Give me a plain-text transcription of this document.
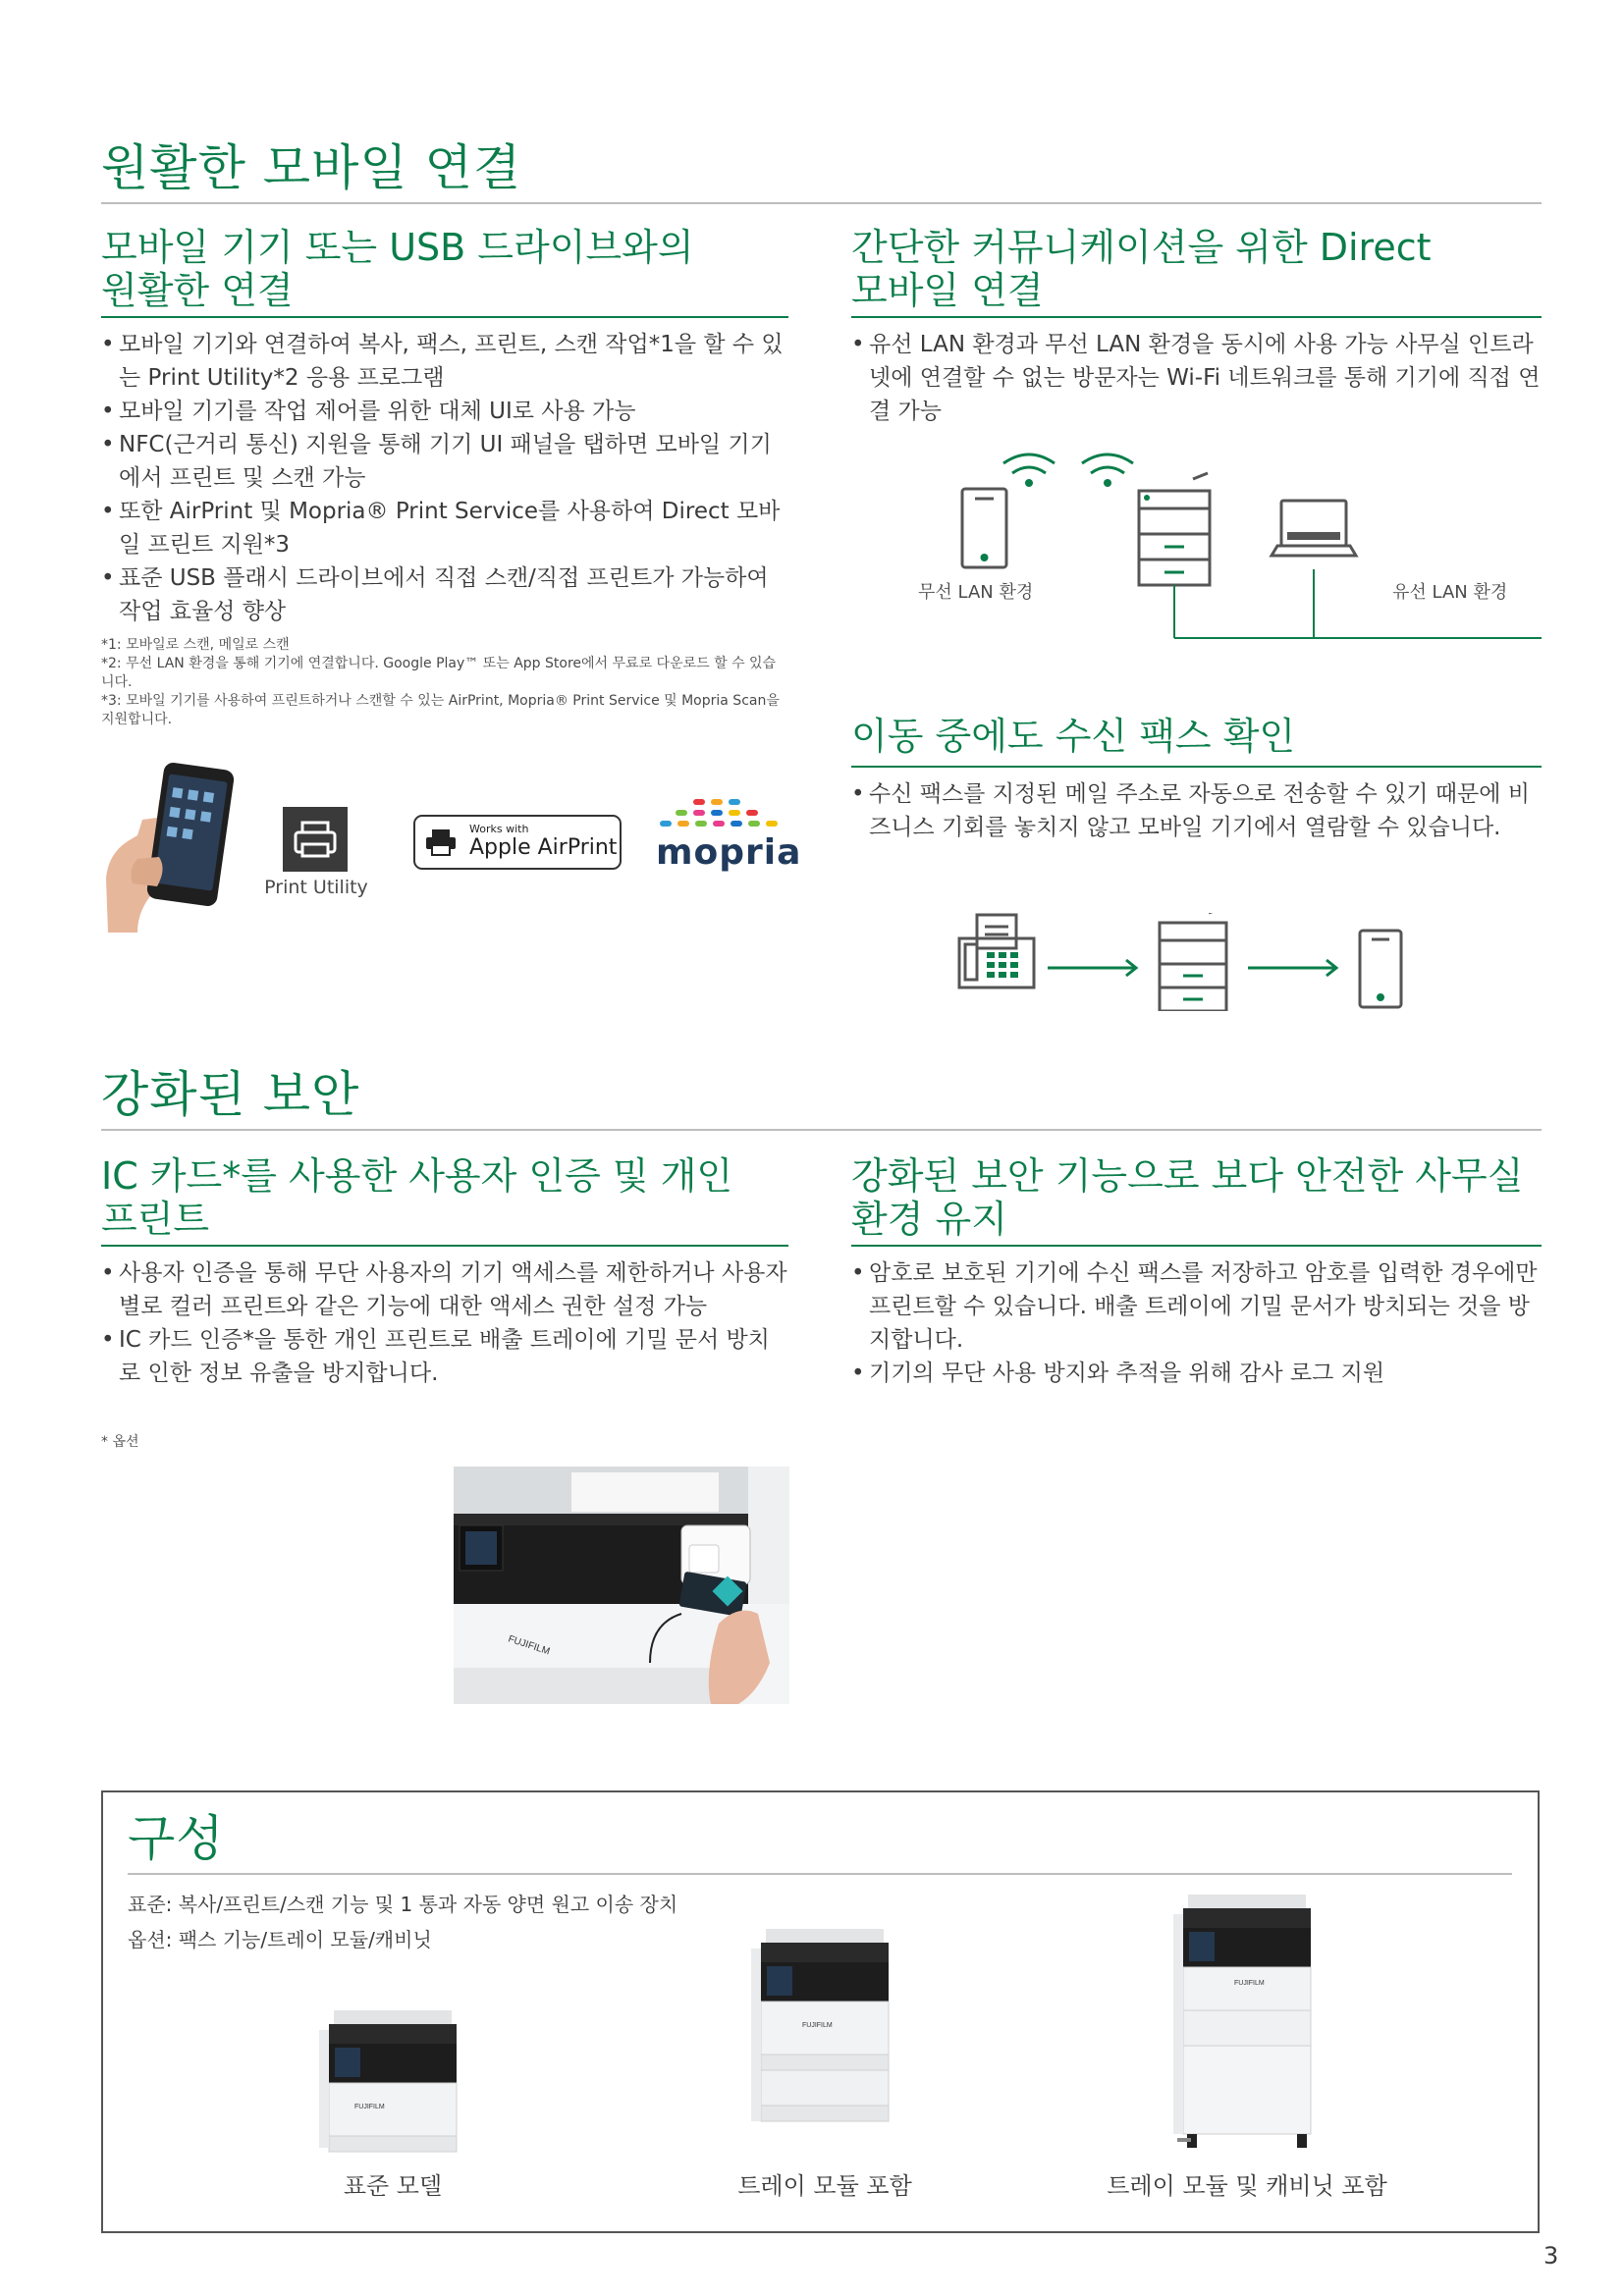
원활한 모바일 연결
모바일 기기 또는 USB 드라이브와의
원활한 연결
• 모바일 기기와 연결하여 복사, 팩스, 프린트, 스캔 작업*1을 할 수 있는 Print Utility*2 응용 프로그램
• 모바일 기기를 작업 제어를 위한 대체 UI로 사용 가능
• NFC(근거리 통신) 지원을 통해 기기 UI 패널을 탭하면 모바일 기기에서 프린트 및 스캔 가능
• 또한 AirPrint 및 Mopria® Print Service를 사용하여 Direct 모바일 프린트 지원*3
• 표준 USB 플래시 드라이브에서 직접 스캔/직접 프린트가 가능하여 작업 효율성 향상
*1: 모바일로 스캔, 메일로 스캔
*2: 무선 LAN 환경을 통해 기기에 연결합니다. Google Play™ 또는 App Store에서 무료로 다운로드 할 수 있습니다.
*3: 모바일 기기를 사용하여 프린트하거나 스캔할 수 있는 AirPrint, Mopria® Print Service 및 Mopria Scan을 지원합니다.
Print Utility
Works with
Apple AirPrint mopria
간단한 커뮤니케이션을 위한 Direct
모바일 연결
• 유선 LAN 환경과 무선 LAN 환경을 동시에 사용 가능 사무실 인트라넷에 연결할 수 없는 방문자는 Wi-Fi 네트워크를 통해 기기에 직접 연결 가능
무선 LAN 환경	유선 LAN 환경
이동 중에도 수신 팩스 확인
• 수신 팩스를 지정된 메일 주소로 자동으로 전송할 수 있기 때문에 비즈니스 기회를 놓치지 않고 모바일 기기에서 열람할 수 있습니다.
강화된 보안
IC 카드*를 사용한 사용자 인증 및 개인
프린트
• 사용자 인증을 통해 무단 사용자의 기기 액세스를 제한하거나 사용자별로 컬러 프린트와 같은 기능에 대한 액세스 권한 설정 가능
• IC 카드 인증*을 통한 개인 프린트로 배출 트레이에 기밀 문서 방치로 인한 정보 유출을 방지합니다.
* 옵션
강화된 보안 기능으로 보다 안전한 사무실
환경 유지
• 암호로 보호된 기기에 수신 팩스를 저장하고 암호를 입력한 경우에만 프린트할 수 있습니다. 배출 트레이에 기밀 문서가 방치되는 것을 방지합니다.
• 기기의 무단 사용 방지와 추적을 위해 감사 로그 지원
FUJIFILM
구성
표준: 복사/프린트/스캔 기능 및 1 통과 자동 양면 원고 이송 장치
옵션: 팩스 기능/트레이 모듈/캐비닛
FUJIFILM
표준 모델
FUJIFILM
트레이 모듈 포함
FUJIFILM
트레이 모듈 및 캐비닛 포함
3
